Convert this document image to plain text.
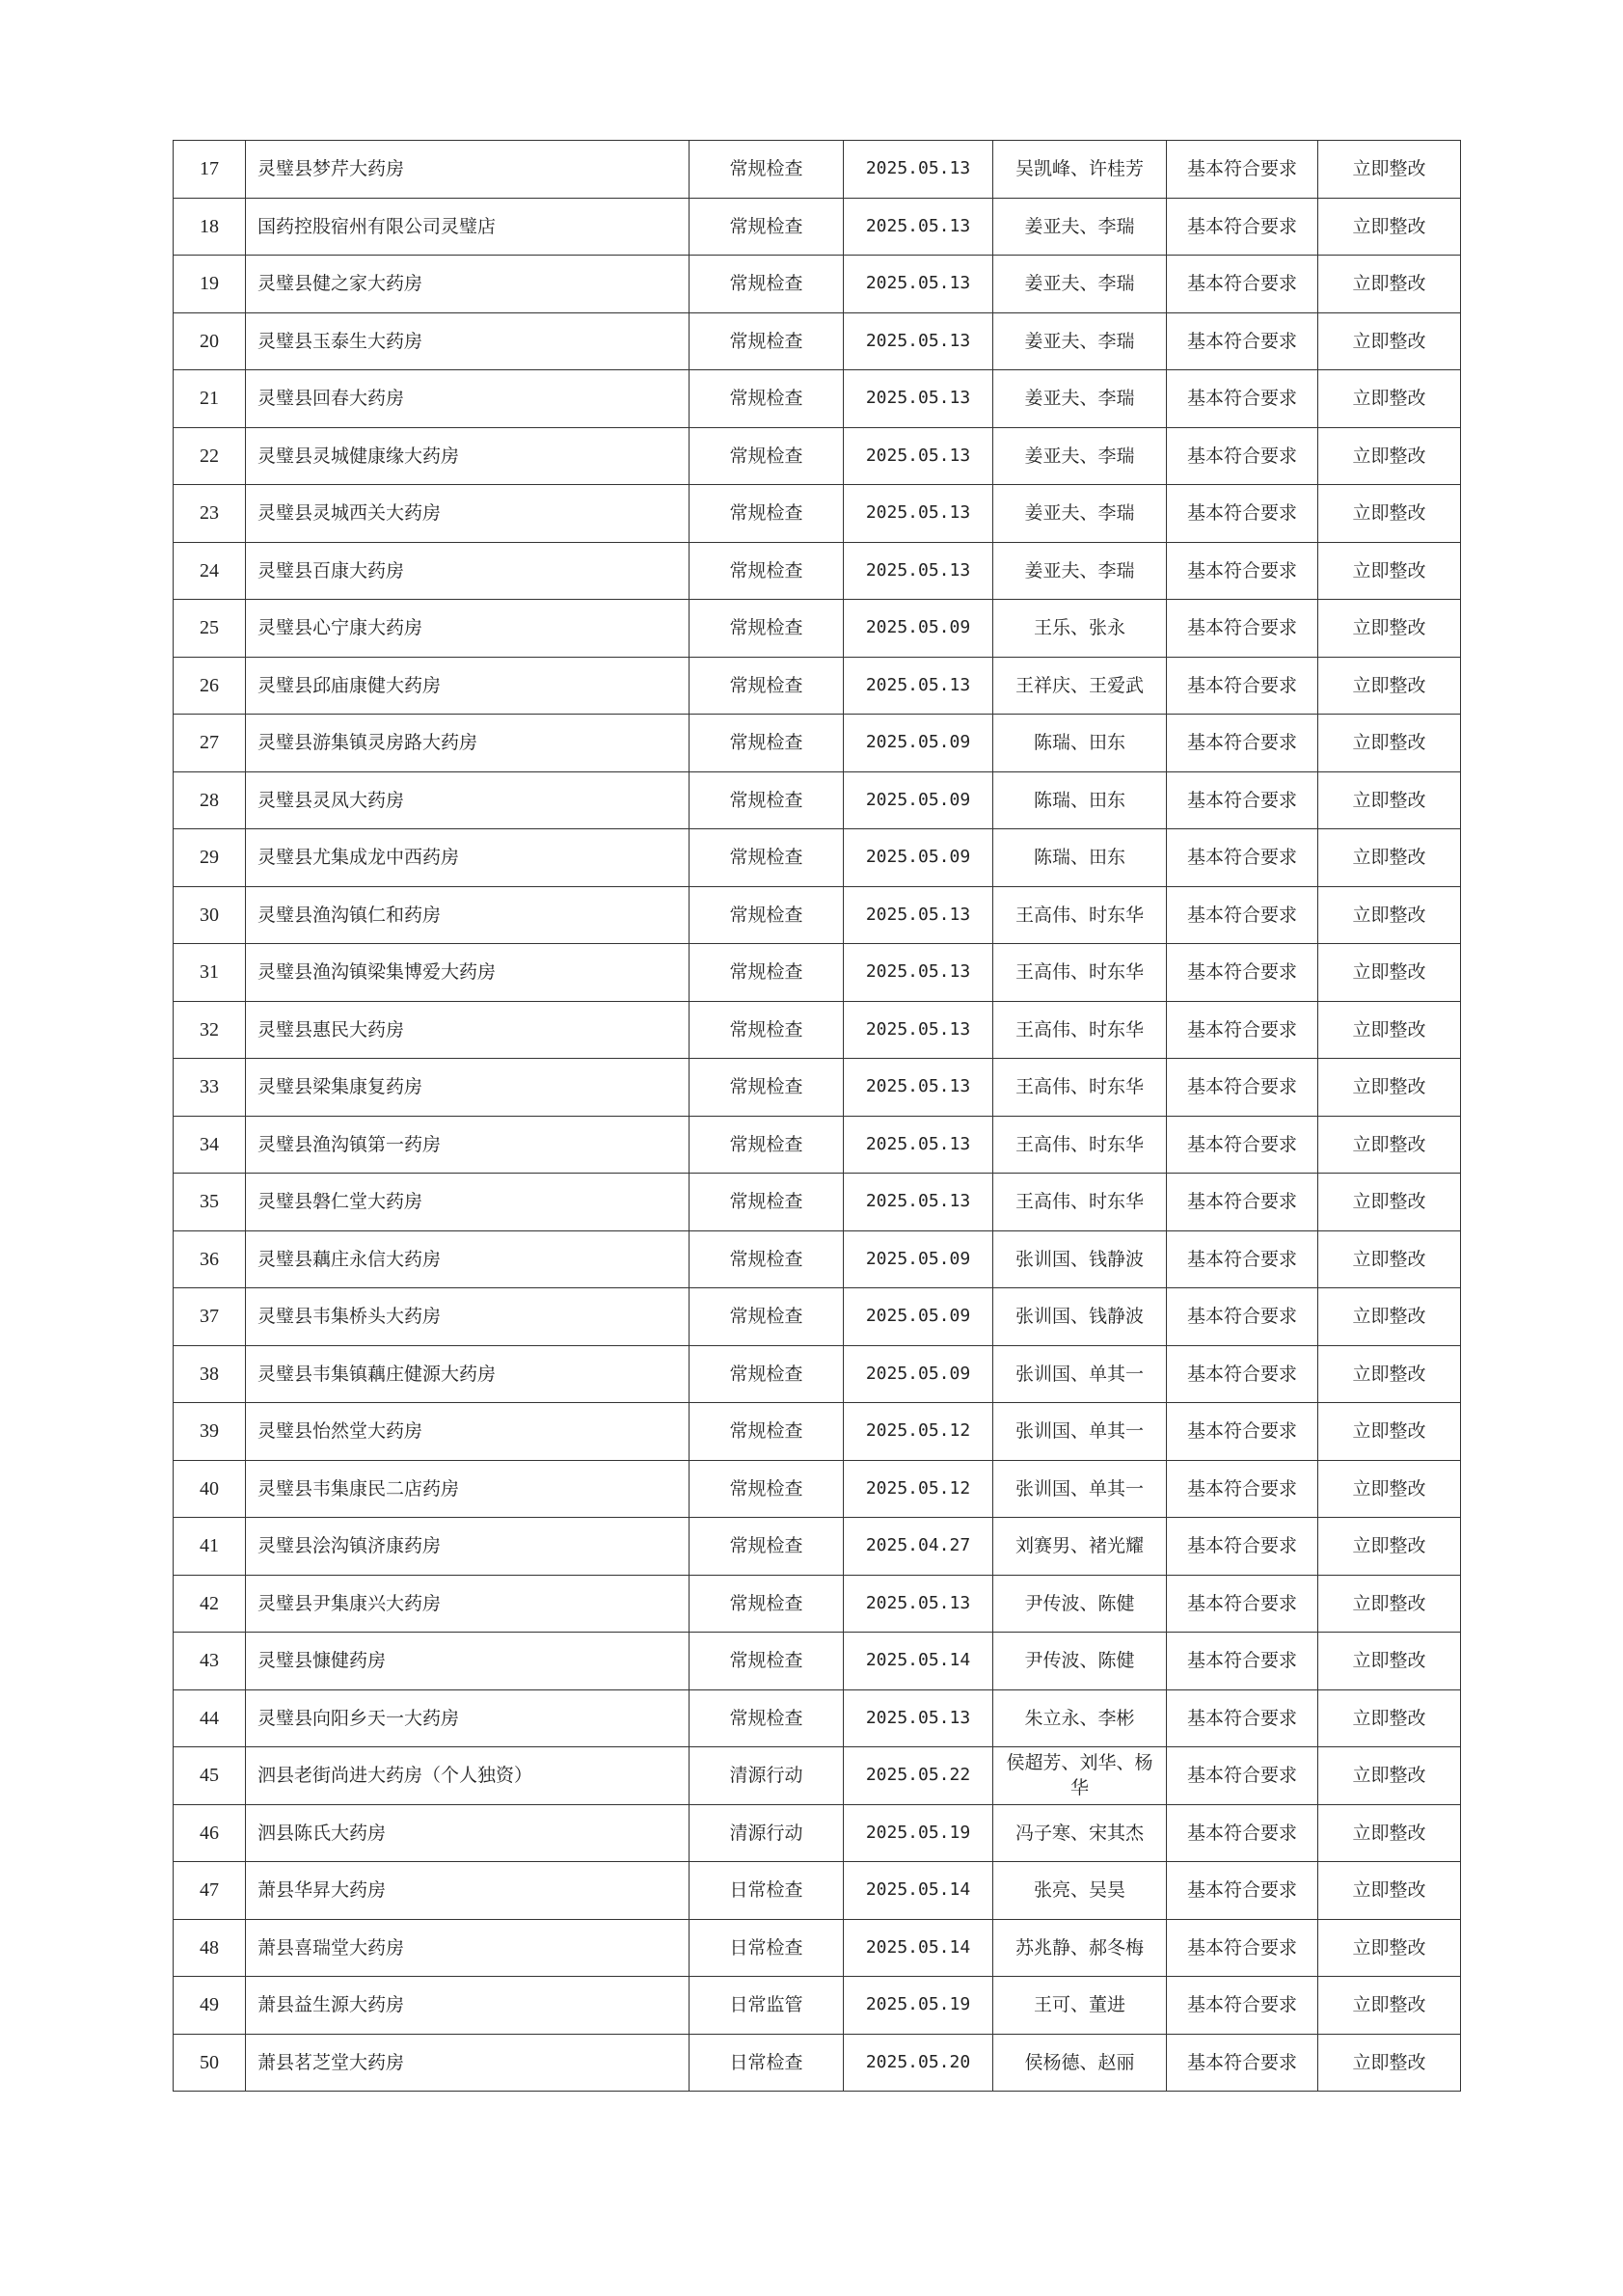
17	灵璧县梦芹大药房	常规检查	2025.05.13	吴凯峰、许桂芳	基本符合要求	立即整改
18	国药控股宿州有限公司灵璧店	常规检查	2025.05.13	姜亚夫、李瑞	基本符合要求	立即整改
19	灵璧县健之家大药房	常规检查	2025.05.13	姜亚夫、李瑞	基本符合要求	立即整改
20	灵璧县玉泰生大药房	常规检查	2025.05.13	姜亚夫、李瑞	基本符合要求	立即整改
21	灵璧县回春大药房	常规检查	2025.05.13	姜亚夫、李瑞	基本符合要求	立即整改
22	灵璧县灵城健康缘大药房	常规检查	2025.05.13	姜亚夫、李瑞	基本符合要求	立即整改
23	灵璧县灵城西关大药房	常规检查	2025.05.13	姜亚夫、李瑞	基本符合要求	立即整改
24	灵璧县百康大药房	常规检查	2025.05.13	姜亚夫、李瑞	基本符合要求	立即整改
25	灵璧县心宁康大药房	常规检查	2025.05.09	王乐、张永	基本符合要求	立即整改
26	灵璧县邱庙康健大药房	常规检查	2025.05.13	王祥庆、王爱武	基本符合要求	立即整改
27	灵璧县游集镇灵房路大药房	常规检查	2025.05.09	陈瑞、田东	基本符合要求	立即整改
28	灵璧县灵凤大药房	常规检查	2025.05.09	陈瑞、田东	基本符合要求	立即整改
29	灵璧县尤集成龙中西药房	常规检查	2025.05.09	陈瑞、田东	基本符合要求	立即整改
30	灵璧县渔沟镇仁和药房	常规检查	2025.05.13	王高伟、时东华	基本符合要求	立即整改
31	灵璧县渔沟镇梁集博爱大药房	常规检查	2025.05.13	王高伟、时东华	基本符合要求	立即整改
32	灵璧县惠民大药房	常规检查	2025.05.13	王高伟、时东华	基本符合要求	立即整改
33	灵璧县梁集康复药房	常规检查	2025.05.13	王高伟、时东华	基本符合要求	立即整改
34	灵璧县渔沟镇第一药房	常规检查	2025.05.13	王高伟、时东华	基本符合要求	立即整改
35	灵璧县磐仁堂大药房	常规检查	2025.05.13	王高伟、时东华	基本符合要求	立即整改
36	灵璧县藕庄永信大药房	常规检查	2025.05.09	张训国、钱静波	基本符合要求	立即整改
37	灵璧县韦集桥头大药房	常规检查	2025.05.09	张训国、钱静波	基本符合要求	立即整改
38	灵璧县韦集镇藕庄健源大药房	常规检查	2025.05.09	张训国、单其一	基本符合要求	立即整改
39	灵璧县怡然堂大药房	常规检查	2025.05.12	张训国、单其一	基本符合要求	立即整改
40	灵璧县韦集康民二店药房	常规检查	2025.05.12	张训国、单其一	基本符合要求	立即整改
41	灵璧县浍沟镇济康药房	常规检查	2025.04.27	刘赛男、褚光耀	基本符合要求	立即整改
42	灵璧县尹集康兴大药房	常规检查	2025.05.13	尹传波、陈健	基本符合要求	立即整改
43	灵璧县慷健药房	常规检查	2025.05.14	尹传波、陈健	基本符合要求	立即整改
44	灵璧县向阳乡天一大药房	常规检查	2025.05.13	朱立永、李彬	基本符合要求	立即整改
45	泗县老街尚进大药房（个人独资）	清源行动	2025.05.22	侯超芳、刘华、杨华	基本符合要求	立即整改
46	泗县陈氏大药房	清源行动	2025.05.19	冯子寒、宋其杰	基本符合要求	立即整改
47	萧县华昇大药房	日常检查	2025.05.14	张亮、吴昊	基本符合要求	立即整改
48	萧县喜瑞堂大药房	日常检查	2025.05.14	苏兆静、郝冬梅	基本符合要求	立即整改
49	萧县益生源大药房	日常监管	2025.05.19	王可、董进	基本符合要求	立即整改
50	萧县茗芝堂大药房	日常检查	2025.05.20	侯杨德、赵丽	基本符合要求	立即整改
